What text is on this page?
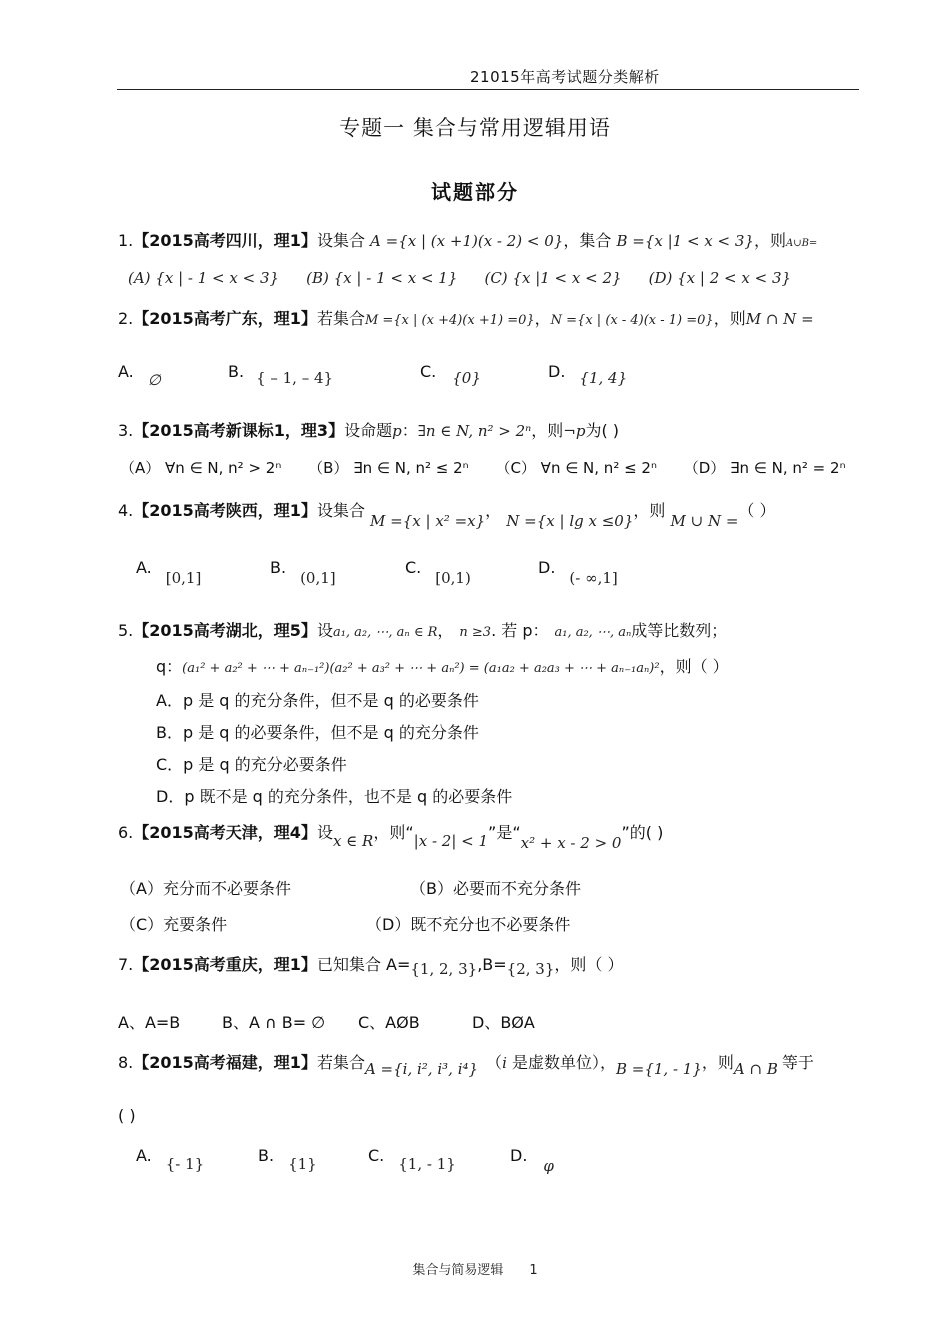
21015年高考试题分类解析
专题一 集合与常用逻辑用语
试题部分
1.【2015高考四川，理1】设集合 A ={x | (x +1)(x - 2) < 0}，集合 B ={x |1 < x < 3}，则A∪B=
(A) {x | - 1 < x < 3} (B) {x | - 1 < x < 1} (C) {x |1 < x < 2} (D) {x | 2 < x < 3}
2.【2015高考广东，理1】若集合M ={x | (x +4)(x +1) =0}，N ={x | (x - 4)(x - 1) =0}，则M ∩ N =
A. ∅	B. { – 1, – 4}	C. {0}	D. {1, 4}
3.【2015高考新课标1，理3】设命题p：∃n ∈ N, n² > 2ⁿ，则¬p为( )
（A） ∀n ∈ N, n² > 2ⁿ （B） ∃n ∈ N, n² ≤ 2ⁿ （C） ∀n ∈ N, n² ≤ 2ⁿ （D） ∃n ∈ N, n² = 2ⁿ
4.【2015高考陕西，理1】设集合 M ={x | x² =x}， N ={x | lg x ≤0}，则 M ∪ N =（ ）
A.[0,1]
B.(0,1]
C.[0,1)
D.(- ∞,1]
5.【2015高考湖北，理5】设a₁, a₂, ⋯, aₙ ∈ R， n ≥3. 若 p： a₁, a₂, ⋯, aₙ成等比数列；
q：(a₁² + a₂² + ⋯ + aₙ₋₁²)(a₂² + a₃² + ⋯ + aₙ²) = (a₁a₂ + a₂a₃ + ⋯ + aₙ₋₁aₙ)²，则（ ）
A．p 是 q 的充分条件，但不是 q 的必要条件
B．p 是 q 的必要条件，但不是 q 的充分条件
C．p 是 q 的充分必要条件
D．p 既不是 q 的充分条件，也不是 q 的必要条件
6.【2015高考天津，理4】设x ∈ R，则“|x - 2| < 1”是“x² + x - 2 > 0”的( )
（A）充分而不必要条件	（B）必要而不充分条件
（C）充要条件	（D）既不充分也不必要条件
7.【2015高考重庆，理1】已知集合 A={1, 2, 3},B={2, 3}，则（ ）
A、A=B	B、A ∩ B= ∅ C、AØB	D、BØA
8.【2015高考福建，理1】若集合A ={i, i², i³, i⁴} （i 是虚数单位），B ={1, - 1}，则A ∩ B 等于
( )
A. {- 1}	B. {1}	C. {1, - 1}	D.φ
集合与简易逻辑 1
